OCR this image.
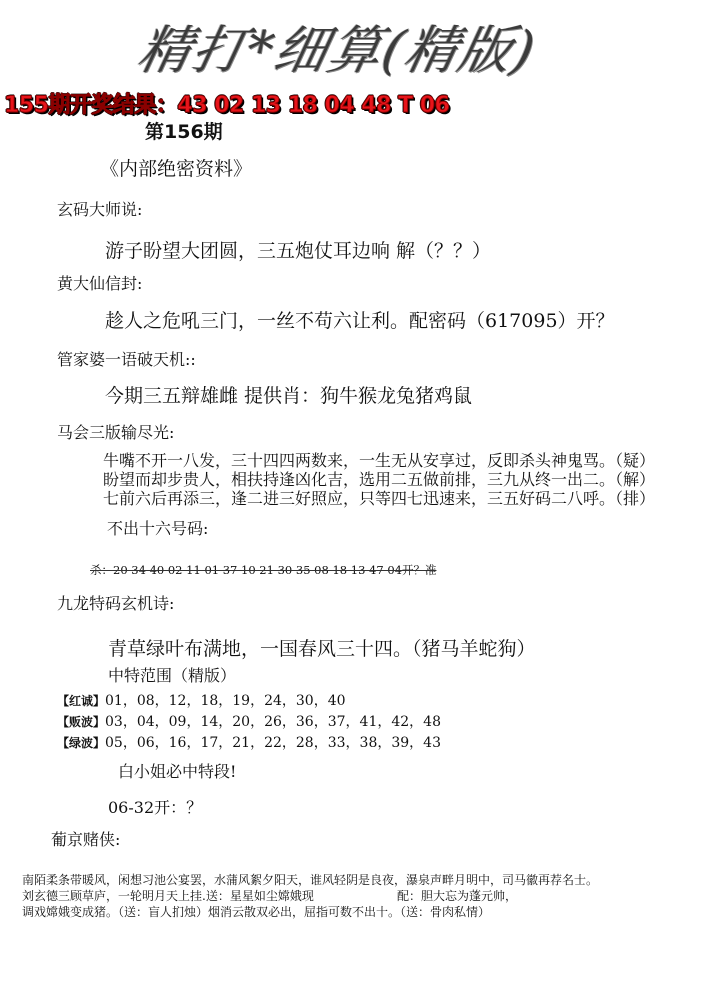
精打*细算(精版)
155期开奖结果：43 02 13 18 04 48 T 06
第156期
《内部绝密资料》
玄码大师说:
游子盼望大团圆，三五炮仗耳边响 解（？？）
黄大仙信封:
趁人之危吼三门，一丝不苟六让利。配密码（617095）开？
管家婆一语破天机::
今期三五辩雄雌 提供肖：狗牛猴龙兔猪鸡鼠
马会三版输尽光:
牛嘴不开一八发，三十四四两数来，一生无从安享过，反即杀头神鬼骂。（疑）
盼望而却步贵人，相扶持逢凶化吉，选用二五做前排，三九从终一出二。（解）
七前六后再添三，逢二进三好照应，只等四七迅速来，三五好码二八呼。（排）
不出十六号码:
杀：20 34 40 02 11 01 37 10 21 30 35 08 18 13 47 04开？准
九龙特码玄机诗:
青草绿叶布满地，一国春风三十四。（猪马羊蛇狗）
中特范围（精版）
【红诚】01，08，12，18，19，24，30，40
【贩波】03，04，09，14，20，26，36，37，41，42，48
【绿波】05，06，16，17，21，22，28，33，38，39，43
白小姐必中特段!
06-32开：？
葡京赌侠:
南陌柔条带暖风，闲想习池公宴罢，水蒲风絮夕阳天，谁风轻阴是良夜，瀑泉声畔月明中，司马徽再荐名士。
刘玄德三顾草庐，一轮明月天上挂.送：星星如尘嫦娥现	配：胆大忘为蓬元帅，
调戏嫦娥变成猪。（送：盲人扪烛）烟消云散双必出，屈指可数不出十。（送：骨肉私情）
